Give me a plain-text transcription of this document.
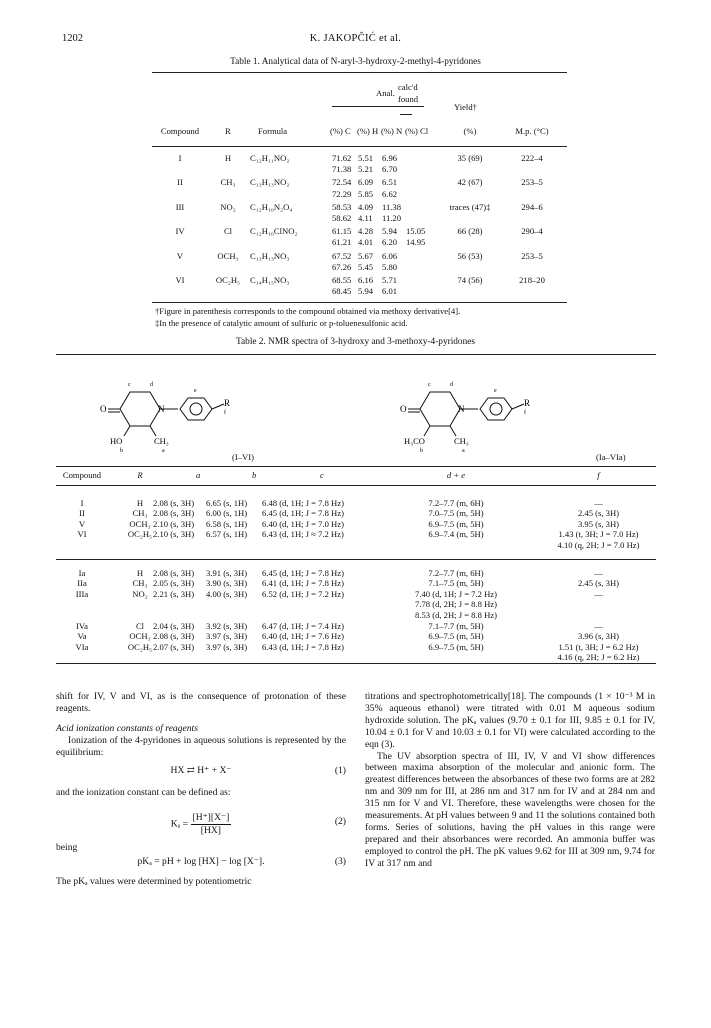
1202	K. JAKOPČIĆ et al.
Table 1. Analytical data of N-aryl-3-hydroxy-2-methyl-4-pyridones
Anal.
calc'd
found
Yield†
Compound	R	Formula	(%) C (%) H (%) N (%) Cl	(%)	M.p. (°C)
I	H	C₁₂H₁₁NO₂	71.62 5.51 6.96	35 (69)	222–4
71.38 5.21 6.70
II	CH₃	C₁₃H₁₃NO₂	72.54 6.09 6.51	42 (67)	253–5
72.29 5.85 6.62
III	NO₂	C₁₂H₁₀N₂O₄	58.53 4.09 11.38	traces (47)‡	294–6
58.62 4.11 11.20
IV	Cl	C₁₂H₁₀ClNO₂	61.15 4.28 5.94 15.05	66 (28)	290–4
61.21 4.01 6.20 14.95
V	OCH₃	C₁₃H₁₃NO₃	67.52 5.67 6.06	56 (53)	253–5
67.26 5.45 5.80
VI	OC₂H₅	C₁₄H₁₅NO₃	68.55 6.16 5.71	74 (56)	218–20
68.45 5.94 6.01
†Figure in parenthesis corresponds to the compound obtained via methoxy derivative[4].
‡In the presence of catalytic amount of sulfuric or p-toluenesulfonic acid.
Table 2. NMR spectra of 3-hydroxy and 3-methoxy-4-pyridones
O	N
R
HO	CH₃
c	d
e
f
b	a
(I–VI)
O	N
R
H₃CO	CH₃
c	d
e
f
b	a
(Ia–VIa)
Compound	R	a	b	c	d + e	f
I	H	2.08 (s, 3H) 6.65 (s, 1H) 6.48 (d, 1H; J = 7.8 Hz)	7.2–7.7 (m, 6H)	—
II	CH₃ 2.08 (s, 3H) 6.00 (s, 1H) 6.45 (d, 1H; J = 7.8 Hz)	7.0–7.5 (m, 5H)	2.45 (s, 3H)
V	OCH₃ 2.10 (s, 3H) 6.58 (s, 1H) 6.40 (d, 1H; J = 7.0 Hz)	6.9–7.5 (m, 5H)	3.95 (s, 3H)
VI	OC₂H₅ 2.10 (s, 3H) 6.57 (s, 1H) 6.43 (d, 1H; J ≈ 7.2 Hz)	6.9–7.4 (m, 5H)	1.43 (t, 3H; J = 7.0 Hz)
4.10 (q, 2H; J = 7.0 Hz)
Ia	H	2.08 (s, 3H) 3.91 (s, 3H) 6.45 (d, 1H; J = 7.8 Hz)	7.2–7.7 (m, 6H)	—
IIa	CH₃ 2.05 (s, 3H) 3.90 (s, 3H) 6.41 (d, 1H; J = 7.8 Hz)	7.1–7.5 (m, 5H)	2.45 (s, 3H)
IIIa	NO₂ 2.21 (s, 3H) 4.00 (s, 3H) 6.52 (d, 1H; J = 7.2 Hz)	7.40 (d, 1H; J = 7.2 Hz)	—
7.78 (d, 2H; J = 8.8 Hz)
8.53 (d, 2H; J = 8.8 Hz)
IVa	Cl	2.04 (s, 3H) 3.92 (s, 3H) 6.47 (d, 1H; J = 7.4 Hz)	7.1–7.7 (m, 5H)	—
Va	OCH₃ 2.08 (s, 3H) 3.97 (s, 3H) 6.40 (d, 1H; J = 7.6 Hz)	6.9–7.5 (m, 5H)	3.96 (s, 3H)
VIa	OC₂H₅ 2.07 (s, 3H) 3.97 (s, 3H) 6.43 (d, 1H; J = 7.8 Hz)	6.9–7.5 (m, 5H)	1.51 (t, 3H; J = 6.2 Hz)
4.16 (q, 2H; J = 6.2 Hz)

shift for IV, V and VI, as is the consequence of protonation of these reagents.

Acid ionization constants of reagents

Ionization of the 4-pyridones in aqueous solutions is represented by the equilibrium:

HX ⇄ H⁺ + X⁻	(1)

and the ionization constant can be defined as:

$K_a = \frac{[H^+][X^-]}{[HX]}$	(2)

being

pKₐ = pH + log [HX] − log [X⁻].	(3)

The pKₐ values were determined by potentiometric

titrations and spectrophotometrically[18]. The compounds (1 × 10⁻³ M in 35% aqueous ethanol) were titrated with 0.01 M aqueous sodium hydroxide solution. The pKₐ values (9.70 ± 0.1 for III, 9.85 ± 0.1 for IV, 10.04 ± 0.1 for V and 10.03 ± 0.1 for VI) were calculated according to the eqn (3).

The UV absorption spectra of III, IV, V and VI show differences between maxima absorption of the molecular and anionic form. The greatest differences between the absorbances of these two forms are at 282 nm and 309 nm for III, at 286 nm and 317 nm for IV and at 284 nm and 315 nm for V and VI. Therefore, these wavelengths were chosen for the measurements. At pH values between 9 and 11 the solutions contained both forms. Series of solutions, having the pH values in this range were prepared and their absorbances were recorded. An ammonia buffer was employed to control the pH. The pK values 9.62 for III at 309 nm, 9.74 for IV at 317 nm and
